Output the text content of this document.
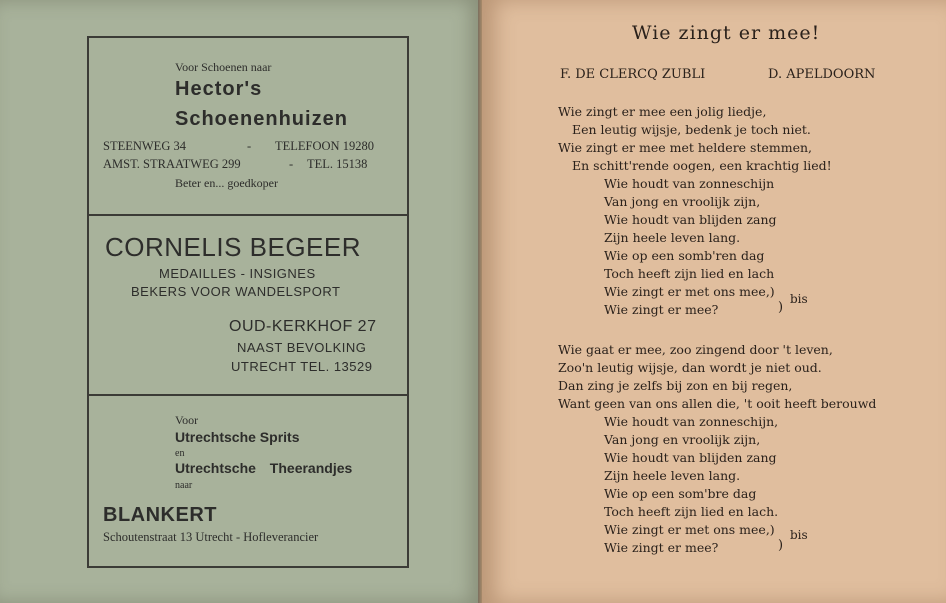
Voor Schoenen naar
Hector's
Schoenenhuizen
STEENWEG 34	- TELEFOON 19280
AMST. STRAATWEG 299	- TEL. 15138
Beter en... goedkoper
CORNELIS BEGEER
MEDAILLES - INSIGNES
BEKERS VOOR WANDELSPORT
OUD-KERKHOF 27
NAAST BEVOLKING
UTRECHT TEL. 13529
Voor
Utrechtsche Sprits
en
Utrechtsche Theerandjes
naar
BLANKERT
Schoutenstraat 13 Utrecht - Hofleverancier
Wie zingt er mee!
F. DE CLERCQ ZUBLI	D. APELDOORN
Wie zingt er mee een jolig liedje,
Een leutig wijsje, bedenk je toch niet.
Wie zingt er mee met heldere stemmen,
En schitt'rende oogen, een krachtig lied!
Wie houdt van zonneschijn
Van jong en vroolijk zijn,
Wie houdt van blijden zang
Zijn heele leven lang.
Wie op een somb'ren dag
Toch heeft zijn lied en lach
Wie zingt er met ons mee,)
Wie zingt er mee?	)
bis
Wie gaat er mee, zoo zingend door 't leven,
Zoo'n leutig wijsje, dan wordt je niet oud.
Dan zing je zelfs bij zon en bij regen,
Want geen van ons allen die, 't ooit heeft berouwd
Wie houdt van zonneschijn,
Van jong en vroolijk zijn,
Wie houdt van blijden zang
Zijn heele leven lang.
Wie op een som'bre dag
Toch heeft zijn lied en lach.
Wie zingt er met ons mee,)
Wie zingt er mee?	)
bis
